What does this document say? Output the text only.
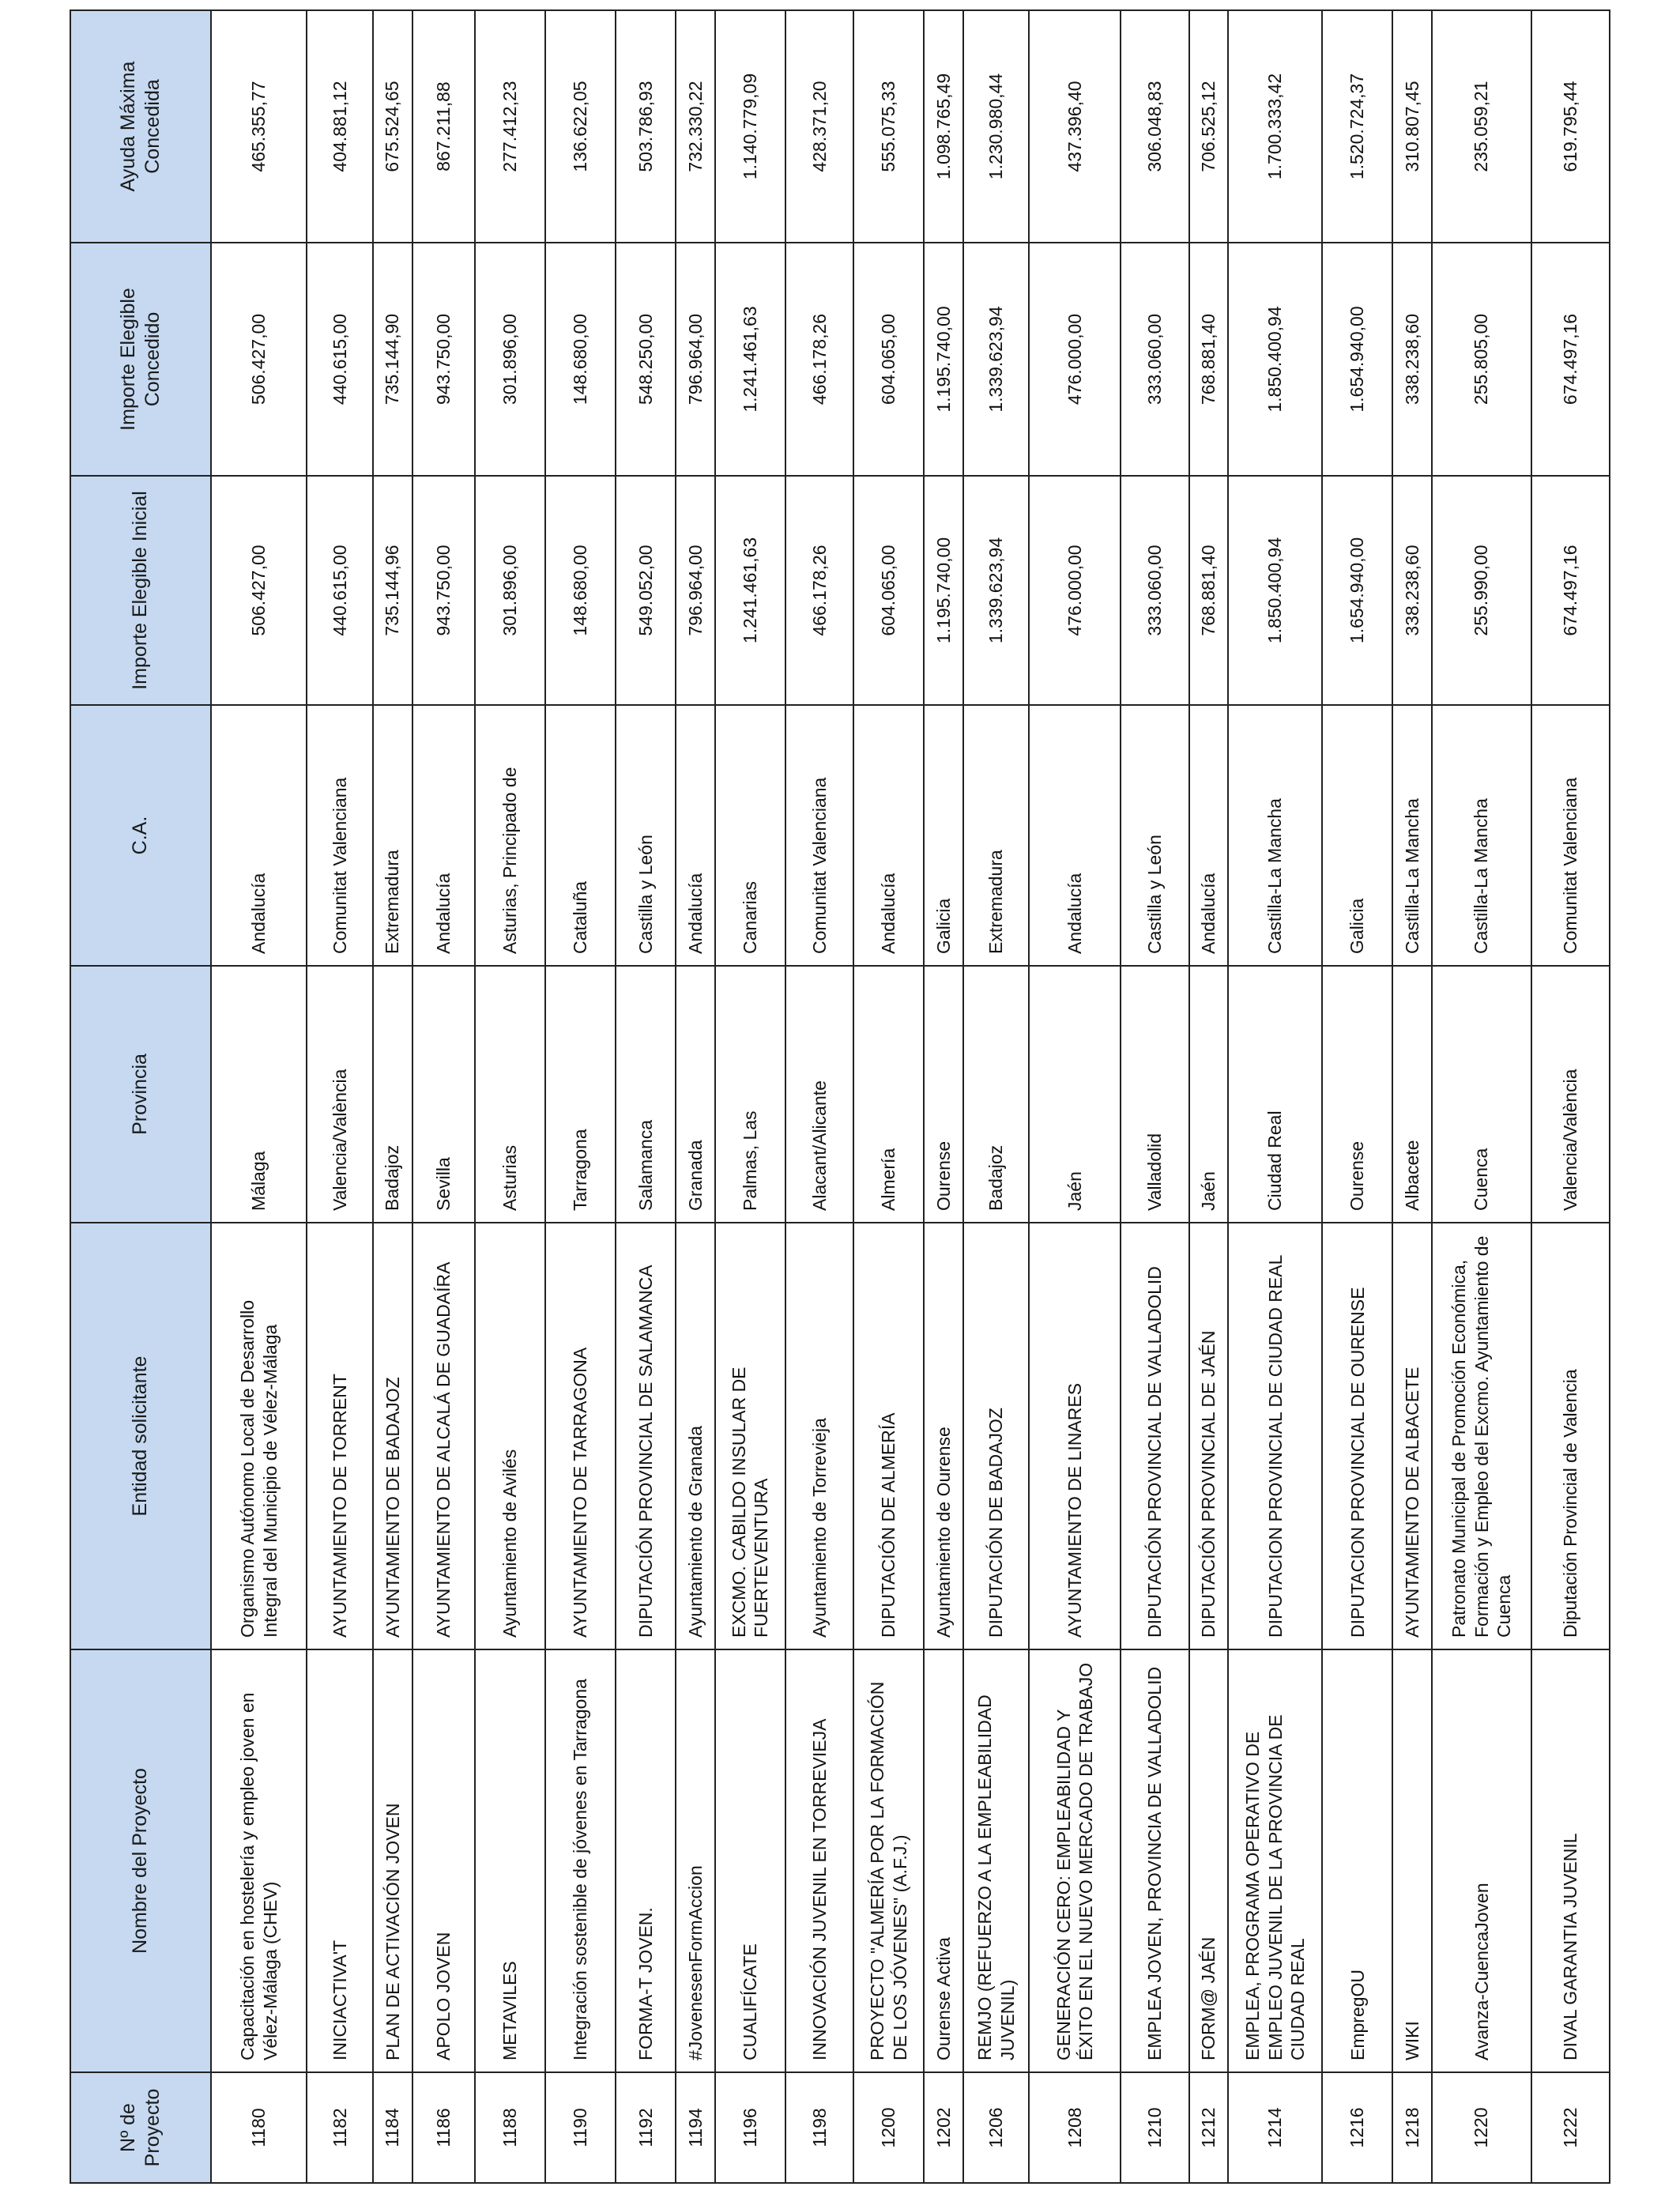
Nº de Proyecto	Nombre del Proyecto	Entidad solicitante	Provincia	C.A.	Importe Elegible Inicial	Importe Elegible Concedido	Ayuda Máxima Concedida
1180	Capacitación en hostelería y empleo joven en Vélez-Málaga (CHEV)	Organismo Autónomo Local de Desarrollo Integral del Municipio de Vélez-Málaga	Málaga	Andalucía	506.427,00	506.427,00	465.355,77
1182	INICIACTIVA'T	AYUNTAMIENTO DE TORRENT	Valencia/València	Comunitat Valenciana	440.615,00	440.615,00	404.881,12
1184	PLAN DE ACTIVACIÓN JOVEN	AYUNTAMIENTO DE BADAJOZ	Badajoz	Extremadura	735.144,96	735.144,90	675.524,65
1186	APOLO JOVEN	AYUNTAMIENTO DE ALCALÁ DE GUADAÍRA	Sevilla	Andalucía	943.750,00	943.750,00	867.211,88
1188	METAVILES	Ayuntamiento de Avilés	Asturias	Asturias, Principado de	301.896,00	301.896,00	277.412,23
1190	Integración sostenible de jóvenes en Tarragona	AYUNTAMIENTO DE TARRAGONA	Tarragona	Cataluña	148.680,00	148.680,00	136.622,05
1192	FORMA-T JOVEN.	DIPUTACIÓN PROVINCIAL DE SALAMANCA	Salamanca	Castilla y León	549.052,00	548.250,00	503.786,93
1194	#JovenesenFormAccion	Ayuntamiento de Granada	Granada	Andalucía	796.964,00	796.964,00	732.330,22
1196	CUALIFÍCATE	EXCMO. CABILDO INSULAR DE FUERTEVENTURA	Palmas, Las	Canarias	1.241.461,63	1.241.461,63	1.140.779,09
1198	INNOVACIÓN JUVENIL EN TORREVIEJA	Ayuntamiento de Torrevieja	Alacant/Alicante	Comunitat Valenciana	466.178,26	466.178,26	428.371,20
1200	PROYECTO "ALMERÍA POR LA FORMACIÓN DE LOS JÓVENES" (A.F.J.)	DIPUTACIÓN DE ALMERÍA	Almería	Andalucía	604.065,00	604.065,00	555.075,33
1202	Ourense Activa	Ayuntamiento de Ourense	Ourense	Galicia	1.195.740,00	1.195.740,00	1.098.765,49
1206	REMJO (REFUERZO A LA EMPLEABILIDAD JUVENIL)	DIPUTACIÓN DE BADAJOZ	Badajoz	Extremadura	1.339.623,94	1.339.623,94	1.230.980,44
1208	GENERACIÓN CERO: EMPLEABILIDAD Y ÉXITO EN EL NUEVO MERCADO DE TRABAJO	AYUNTAMIENTO DE LINARES	Jaén	Andalucía	476.000,00	476.000,00	437.396,40
1210	EMPLEA JOVEN, PROVINCIA DE VALLADOLID	DIPUTACIÓN PROVINCIAL DE VALLADOLID	Valladolid	Castilla y León	333.060,00	333.060,00	306.048,83
1212	FORM@ JAÉN	DIPUTACIÓN PROVINCIAL DE JAÉN	Jaén	Andalucía	768.881,40	768.881,40	706.525,12
1214	EMPLEA, PROGRAMA OPERATIVO DE EMPLEO JUVENIL DE LA PROVINCIA DE CIUDAD REAL	DIPUTACION PROVINCIAL DE CIUDAD REAL	Ciudad Real	Castilla-La Mancha	1.850.400,94	1.850.400,94	1.700.333,42
1216	EmpregOU	DIPUTACION PROVINCIAL DE OURENSE	Ourense	Galicia	1.654.940,00	1.654.940,00	1.520.724,37
1218	WIKI	AYUNTAMIENTO DE ALBACETE	Albacete	Castilla-La Mancha	338.238,60	338.238,60	310.807,45
1220	Avanza-CuencaJoven	Patronato Municipal de Promoción Económica, Formación y Empleo del Excmo. Ayuntamiento de Cuenca	Cuenca	Castilla-La Mancha	255.990,00	255.805,00	235.059,21
1222	DIVAL GARANTIA JUVENIL	Diputación Provincial de Valencia	Valencia/València	Comunitat Valenciana	674.497,16	674.497,16	619.795,44
